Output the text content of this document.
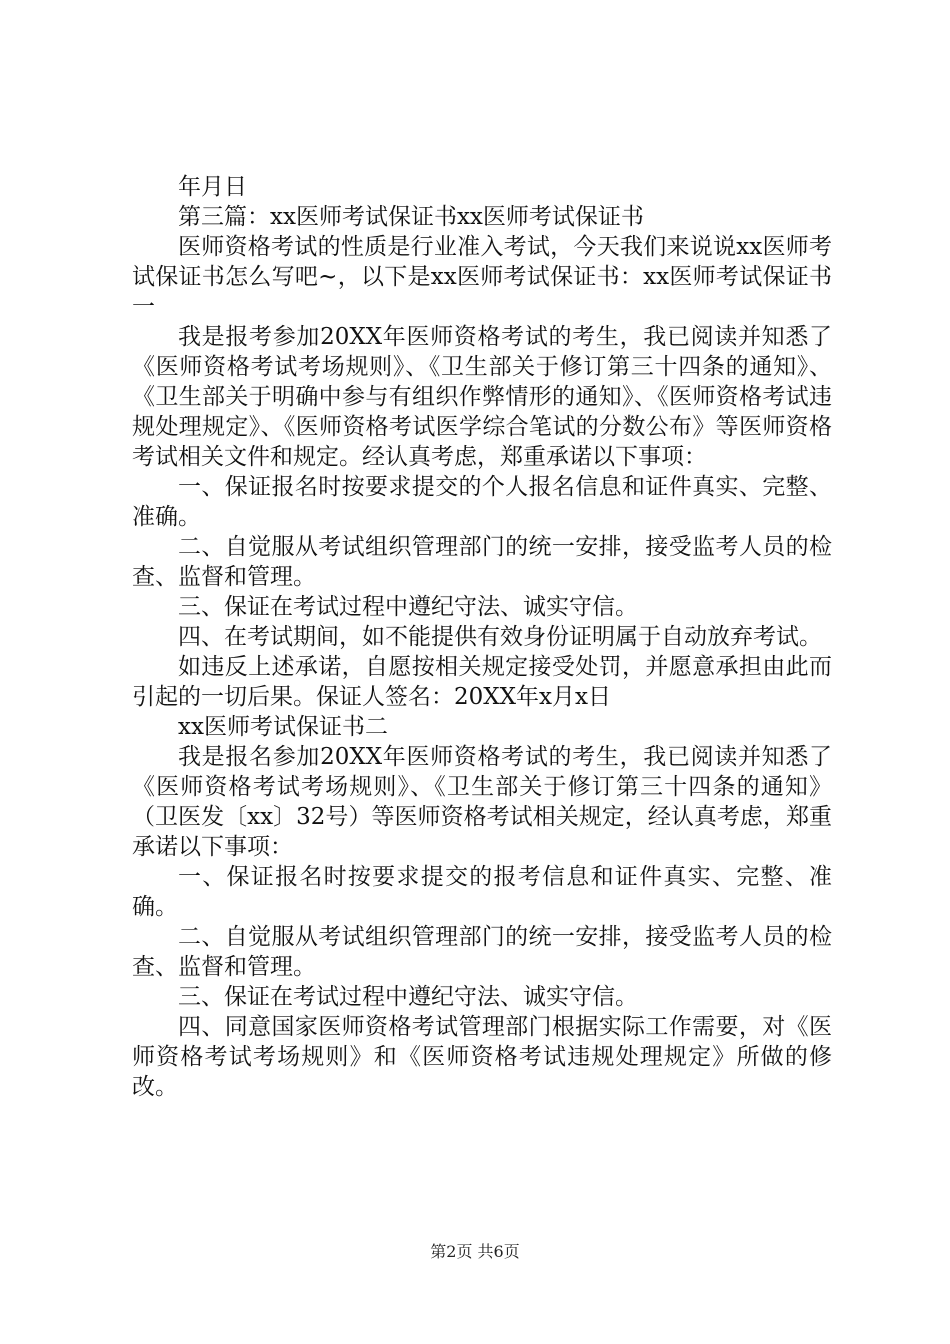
年月日

第三篇：xx医师考试保证书xx医师考试保证书

医师资格考试的性质是行业准入考试，今天我们来说说xx医师考试保证书怎么写吧~，以下是xx医师考试保证书：xx医师考试保证书一

我是报考参加20XX年医师资格考试的考生，我已阅读并知悉了《医师资格考试考场规则》、《卫生部关于修订第三十四条的通知》、《卫生部关于明确中参与有组织作弊情形的通知》、《医师资格考试违规处理规定》、《医师资格考试医学综合笔试的分数公布》等医师资格考试相关文件和规定。经认真考虑，郑重承诺以下事项：

一、保证报名时按要求提交的个人报名信息和证件真实、完整、准确。

二、自觉服从考试组织管理部门的统一安排，接受监考人员的检查、监督和管理。

三、保证在考试过程中遵纪守法、诚实守信。

四、在考试期间，如不能提供有效身份证明属于自动放弃考试。

如违反上述承诺，自愿按相关规定接受处罚，并愿意承担由此而引起的一切后果。保证人签名：20XX年x月x日

xx医师考试保证书二

我是报名参加20XX年医师资格考试的考生，我已阅读并知悉了《医师资格考试考场规则》、《卫生部关于修订第三十四条的通知》（卫医发〔xx〕32号）等医师资格考试相关规定，经认真考虑，郑重承诺以下事项：

一、保证报名时按要求提交的报考信息和证件真实、完整、准确。

二、自觉服从考试组织管理部门的统一安排，接受监考人员的检查、监督和管理。

三、保证在考试过程中遵纪守法、诚实守信。

四、同意国家医师资格考试管理部门根据实际工作需要，对《医师资格考试考场规则》和《医师资格考试违规处理规定》所做的修改。

第2页 共6页
